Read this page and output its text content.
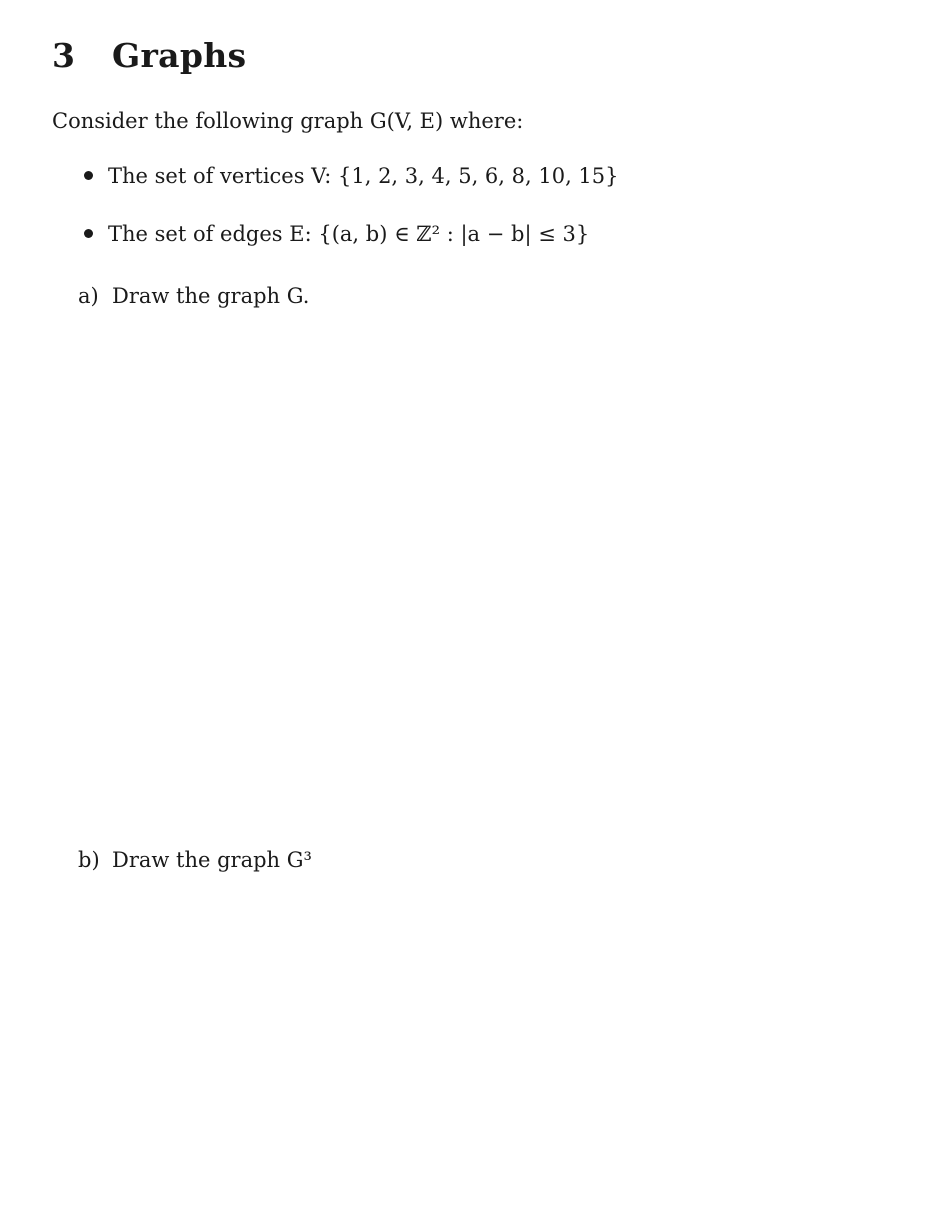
3 Graphs
Consider the following graph G(V, E) where:
The set of vertices V: {1, 2, 3, 4, 5, 6, 8, 10, 15}
The set of edges E: {(a, b) ∈ ℤ² : |a − b| ≤ 3}
a) Draw the graph G.
b) Draw the graph G³
